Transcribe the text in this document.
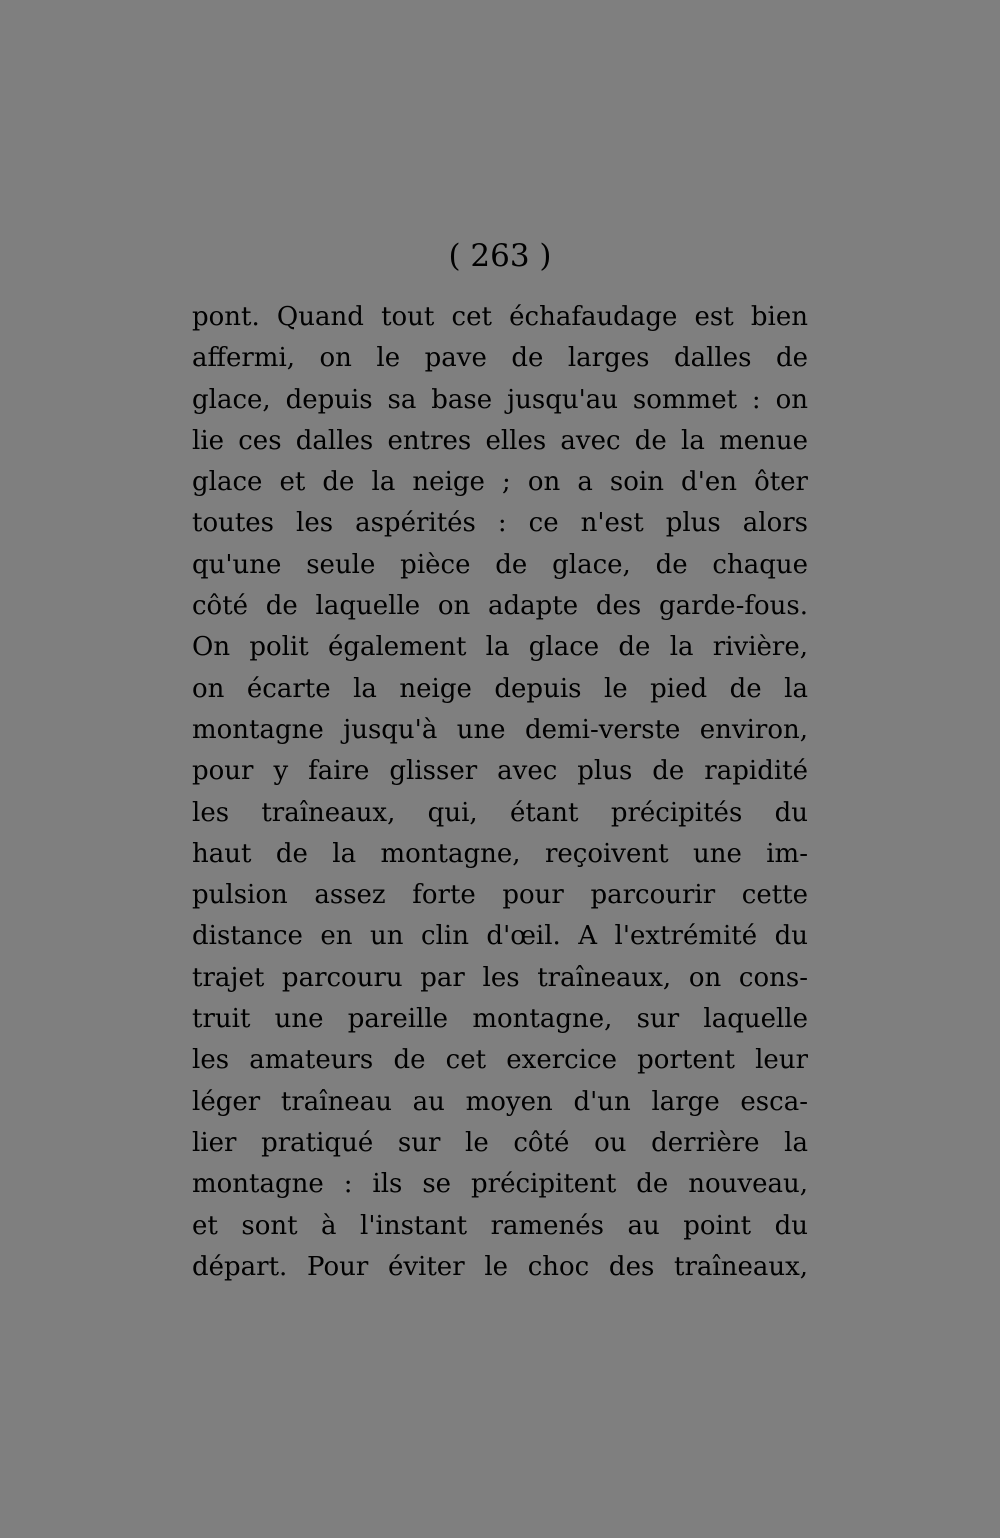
( 263 )
pont. Quand tout cet échafaudage est bien
affermi, on le pave de larges dalles de
glace, depuis sa base jusqu'au sommet : on
lie ces dalles entres elles avec de la menue
glace et de la neige ; on a soin d'en ôter
toutes les aspérités : ce n'est plus alors
qu'une seule pièce de glace, de chaque
côté de laquelle on adapte des garde-fous.
On polit également la glace de la rivière,
on écarte la neige depuis le pied de la
montagne jusqu'à une demi-verste environ,
pour y faire glisser avec plus de rapidité
les traîneaux, qui, étant précipités du
haut de la montagne, reçoivent une im-
pulsion assez forte pour parcourir cette
distance en un clin d'œil. A l'extrémité du
trajet parcouru par les traîneaux, on cons-
truit une pareille montagne, sur laquelle
les amateurs de cet exercice portent leur
léger traîneau au moyen d'un large esca-
lier pratiqué sur le côté ou derrière la
montagne : ils se précipitent de nouveau,
et sont à l'instant ramenés au point du
départ. Pour éviter le choc des traîneaux,
